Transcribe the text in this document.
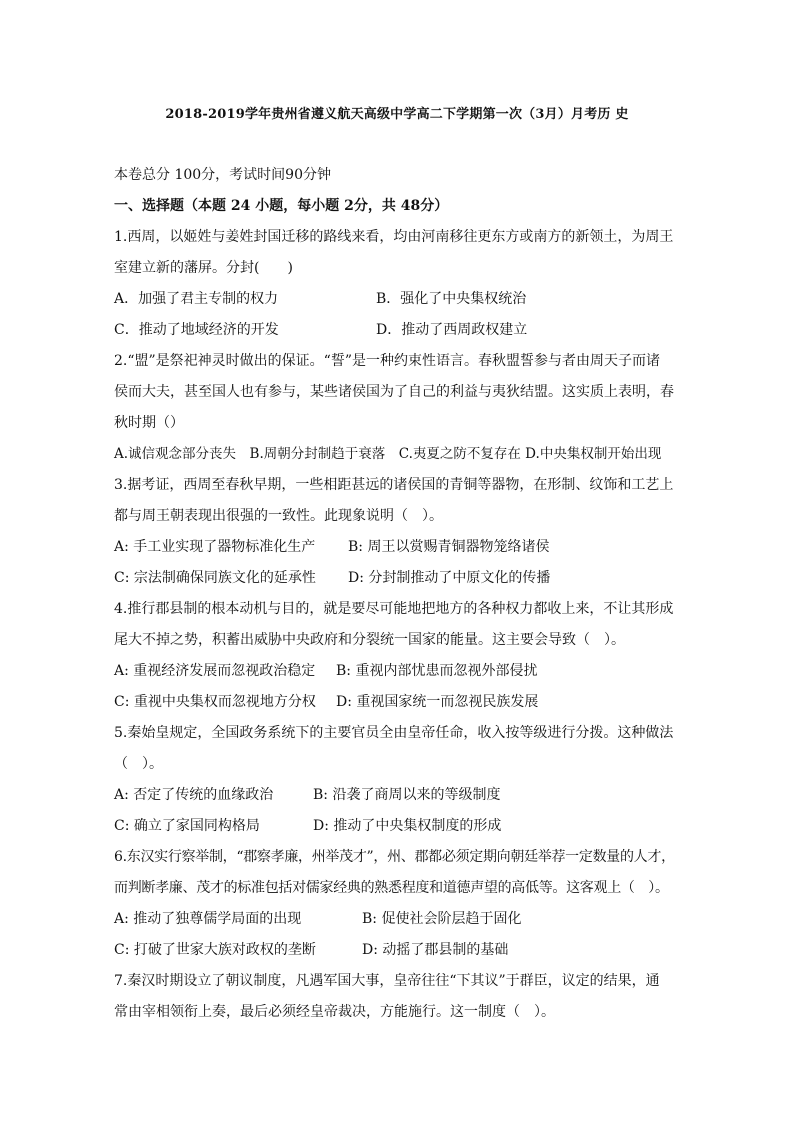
2018-2019学年贵州省遵义航天高级中学高二下学期第一次（3月）月考历 史
本卷总分 100分，考试时间90分钟
一、选择题（本题 24 小题，每小题 2分，共 48分）
1.西周，以姬姓与姜姓封国迁移的路线来看，均由河南移往更东方或南方的新领土，为周王
室建立新的藩屏。分封(　　)
A．加强了君主专制的权力	B．强化了中央集权统治
C．推动了地域经济的开发	D．推动了西周政权建立
2.“盟”是祭祀神灵时做出的保证。“誓”是一种约束性语言。春秋盟誓参与者由周天子而诸
侯而大夫，甚至国人也有参与，某些诸侯国为了自己的利益与夷狄结盟。这实质上表明，春
秋时期（）
A.诚信观念部分丧失　B.周朝分封制趋于衰落　C.夷夏之防不复存在 D.中央集权制开始出现
3.据考证，西周至春秋早期，一些相距甚远的诸侯国的青铜等器物，在形制、纹饰和工艺上
都与周王朝表现出很强的一致性。此现象说明（　）。
A: 手工业实现了器物标准化生产 B: 周王以赏赐青铜器物笼络诸侯
C: 宗法制确保同族文化的延承性 D: 分封制推动了中原文化的传播
4.推行郡县制的根本动机与目的，就是要尽可能地把地方的各种权力都收上来，不让其形成
尾大不掉之势，积蓄出威胁中央政府和分裂统一国家的能量。这主要会导致（　）。
A: 重视经济发展而忽视政治稳定 B: 重视内部忧患而忽视外部侵扰
C: 重视中央集权而忽视地方分权 D: 重视国家统一而忽视民族发展
5.秦始皇规定，全国政务系统下的主要官员全由皇帝任命，收入按等级进行分拨。这种做法
（　）。
A: 否定了传统的血缘政治	B: 沿袭了商周以来的等级制度
C: 确立了家国同构格局	D: 推动了中央集权制度的形成
6.东汉实行察举制，“郡察孝廉，州举茂才”，州、郡都必须定期向朝廷举荐一定数量的人才，
而判断孝廉、茂才的标准包括对儒家经典的熟悉程度和道德声望的高低等。这客观上（　）。
A: 推动了独尊儒学局面的出现	B: 促使社会阶层趋于固化
C: 打破了世家大族对政权的垄断	D: 动摇了郡县制的基础
7.秦汉时期设立了朝议制度，凡遇军国大事，皇帝往往“下其议”于群臣，议定的结果，通
常由宰相领衔上奏，最后必须经皇帝裁决，方能施行。这一制度（　）。
